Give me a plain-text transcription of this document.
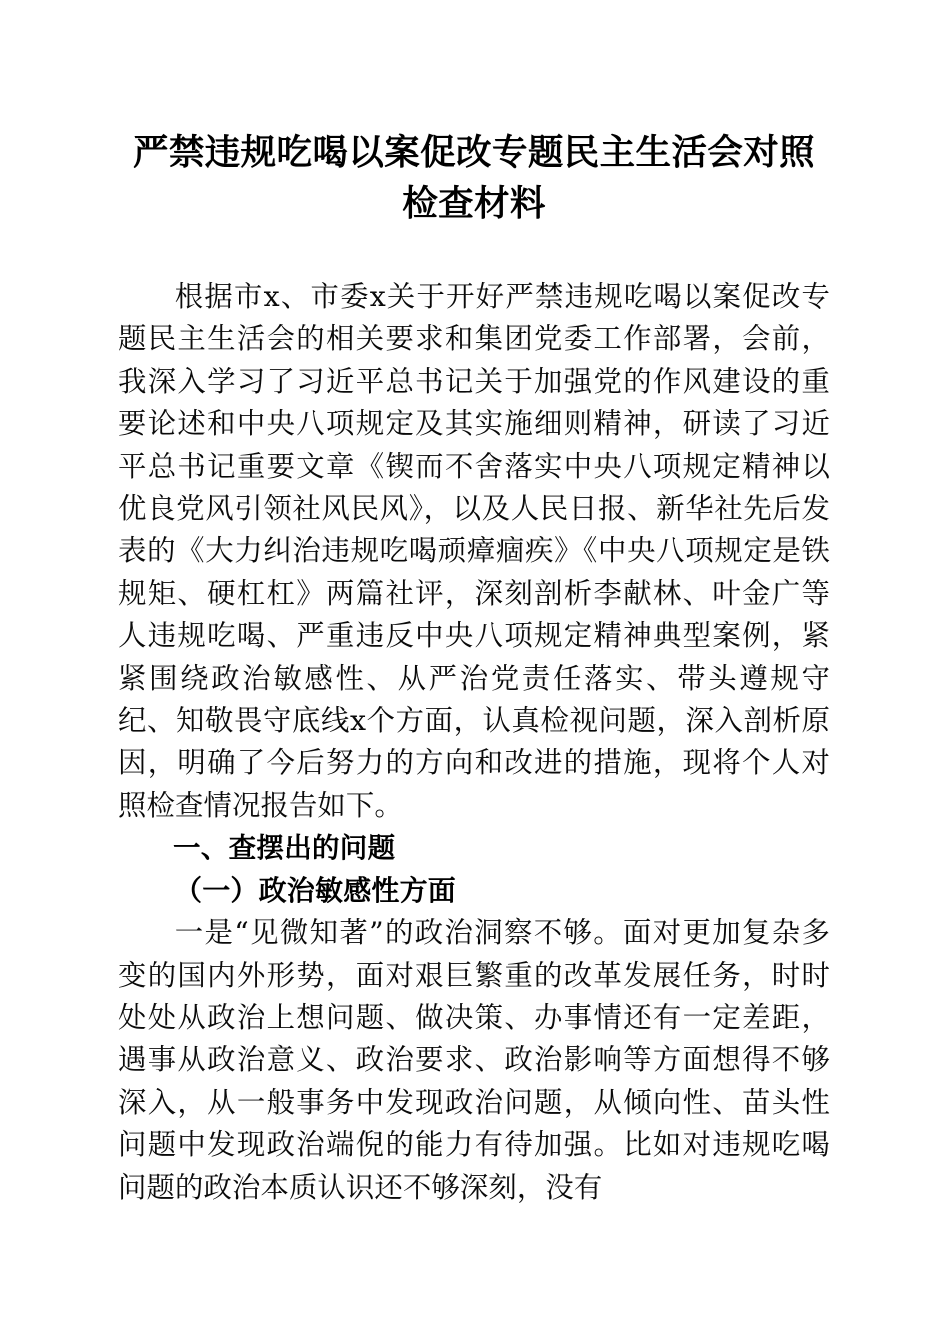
严禁违规吃喝以案促改专题民主生活会对照检查材料

根据市x、市委x关于开好严禁违规吃喝以案促改专题民主生活会的相关要求和集团党委工作部署，会前，我深入学习了习近平总书记关于加强党的作风建设的重要论述和中央八项规定及其实施细则精神，研读了习近平总书记重要文章《锲而不舍落实中央八项规定精神以优良党风引领社风民风》，以及人民日报、新华社先后发表的《大力纠治违规吃喝顽瘴痼疾》《中央八项规定是铁规矩、硬杠杠》两篇社评，深刻剖析李献林、叶金广等人违规吃喝、严重违反中央八项规定精神典型案例，紧紧围绕政治敏感性、从严治党责任落实、带头遵规守纪、知敬畏守底线x个方面，认真检视问题，深入剖析原因，明确了今后努力的方向和改进的措施，现将个人对照检查情况报告如下。

一、查摆出的问题

（一）政治敏感性方面

一是“见微知著”的政治洞察不够。面对更加复杂多变的国内外形势，面对艰巨繁重的改革发展任务，时时处处从政治上想问题、做决策、办事情还有一定差距，遇事从政治意义、政治要求、政治影响等方面想得不够深入，从一般事务中发现政治问题，从倾向性、苗头性问题中发现政治端倪的能力有待加强。比如对违规吃喝问题的政治本质认识还不够深刻，没有
